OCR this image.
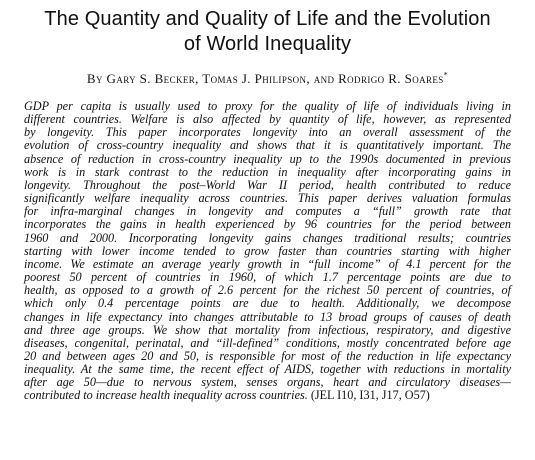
The Quantity and Quality of Life and the Evolution
of World Inequality

By Gary S. Becker, Tomas J. Philipson, and Rodrigo R. Soares*

GDP per capita is usually used to proxy for the quality of life of individuals living in
different countries. Welfare is also affected by quantity of life, however, as represented
by longevity. This paper incorporates longevity into an overall assessment of the
evolution of cross-country inequality and shows that it is quantitatively important. The
absence of reduction in cross-country inequality up to the 1990s documented in previous
work is in stark contrast to the reduction in inequality after incorporating gains in
longevity. Throughout the post–World War II period, health contributed to reduce
significantly welfare inequality across countries. This paper derives valuation formulas
for infra-marginal changes in longevity and computes a “full” growth rate that
incorporates the gains in health experienced by 96 countries for the period between
1960 and 2000. Incorporating longevity gains changes traditional results; countries
starting with lower income tended to grow faster than countries starting with higher
income. We estimate an average yearly growth in “full income” of 4.1 percent for the
poorest 50 percent of countries in 1960, of which 1.7 percentage points are due to
health, as opposed to a growth of 2.6 percent for the richest 50 percent of countries, of
which only 0.4 percentage points are due to health. Additionally, we decompose
changes in life expectancy into changes attributable to 13 broad groups of causes of death
and three age groups. We show that mortality from infectious, respiratory, and digestive
diseases, congenital, perinatal, and “ill-defined” conditions, mostly concentrated before age
20 and between ages 20 and 50, is responsible for most of the reduction in life expectancy
inequality. At the same time, the recent effect of AIDS, together with reductions in mortality
after age 50—due to nervous system, senses organs, heart and circulatory diseases—
contributed to increase health inequality across countries. (JEL I10, I31, J17, O57)
